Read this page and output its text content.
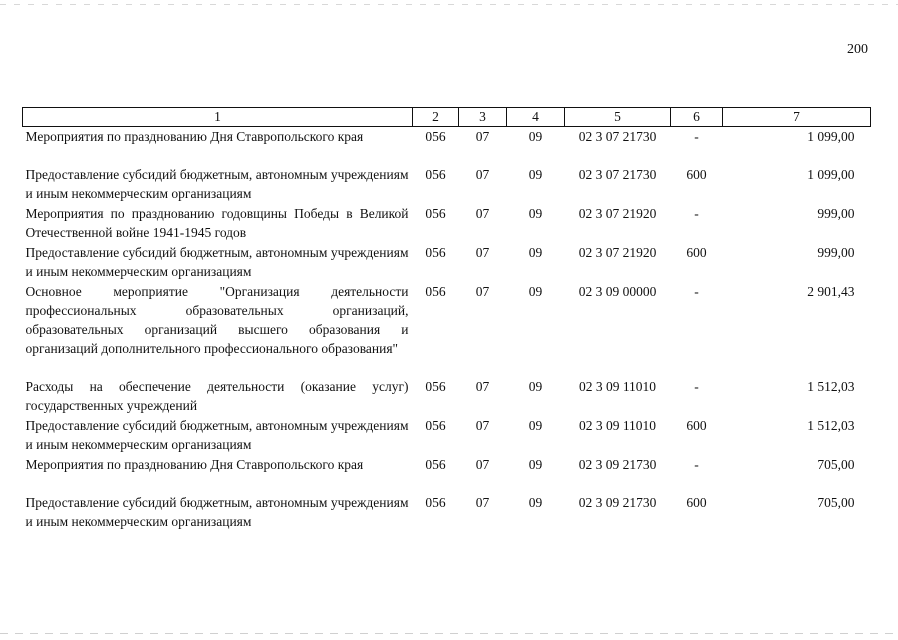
200
1	2	3	4	5	6	7
Мероприятия по празднованию Дня Ставропольского края	056	07	09	02 3 07 21730	-	1 099,00
Предоставление субсидий бюджетным, автономным учреждениям и иным некоммерческим организациям	056	07	09	02 3 07 21730	600	1 099,00
Мероприятия по празднованию годовщины Победы в Великой Отечественной войне 1941-1945 годов	056	07	09	02 3 07 21920	-	999,00
Предоставление субсидий бюджетным, автономным учреждениям и иным некоммерческим организациям	056	07	09	02 3 07 21920	600	999,00
Основное мероприятие "Организация деятельности профессиональных образовательных организаций, образовательных организаций высшего образования и организаций дополнительного профессионального образования"	056	07	09	02 3 09 00000	-	2 901,43
Расходы на обеспечение деятельности (оказание услуг) государственных учреждений	056	07	09	02 3 09 11010	-	1 512,03
Предоставление субсидий бюджетным, автономным учреждениям и иным некоммерческим организациям	056	07	09	02 3 09 11010	600	1 512,03
Мероприятия по празднованию Дня Ставропольского края	056	07	09	02 3 09 21730	-	705,00
Предоставление субсидий бюджетным, автономным учреждениям и иным некоммерческим организациям	056	07	09	02 3 09 21730	600	705,00
